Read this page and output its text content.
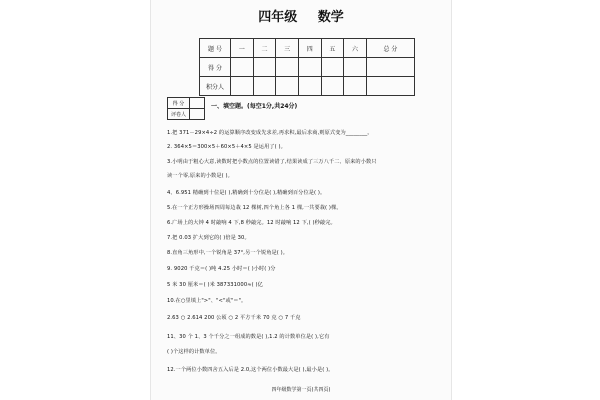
四年级 数学
题 号	一	二	三	四	五	六	总 分
得 分							
积分人							
得 分	
评卷人	
一、填空题。(每空1分,共24分)
1.把 371－29×4÷2 的运算顺序改变成先求差,再求积,最后求商,则原式变为________。
2. 364×5＝300×5＋60×5＋4×5 是运用了( )。
3.小明由于粗心大意,读数时把小数点的位置读错了,结果读成了三万八千二、原来的小数只
读一个零,原来的小数是( )。
4、6.951 精确到十位是( ),精确到十分位是( ),精确到百分位是( )。
5.在一个正方形操场四周每边栽 12 棵树,四个角上各 1 棵,一共要栽( )棵。
6.广场上的大钟 4 时敲响 4 下,8 秒敲完。12 时敲响 12 下,( )秒敲完。
7.把 0.03 扩大到它的( )倍是 30。
8.直角三角形中,一个锐角是 37°,另一个锐角是( )。
9. 9020 千克＝( )吨 4.25 小时＝( )小时( )分
5 米 30 厘米＝( )米 387331000≈( )亿
10.在○里填上">"、"<"或"＝"。
2.63 ○ 2.614 200 公顷 ○ 2 平方千米 70 克 ○ 7 千克
11、30 个 1、3 个千分之一组成的数是( ),1.2 的计数单位是( ),它有
( )个这样的计数单位。
12.一个两位小数四舍五入后是 2.0,这个两位小数最大是( ),最小是( )。
四年级数学第一页(共四页)
